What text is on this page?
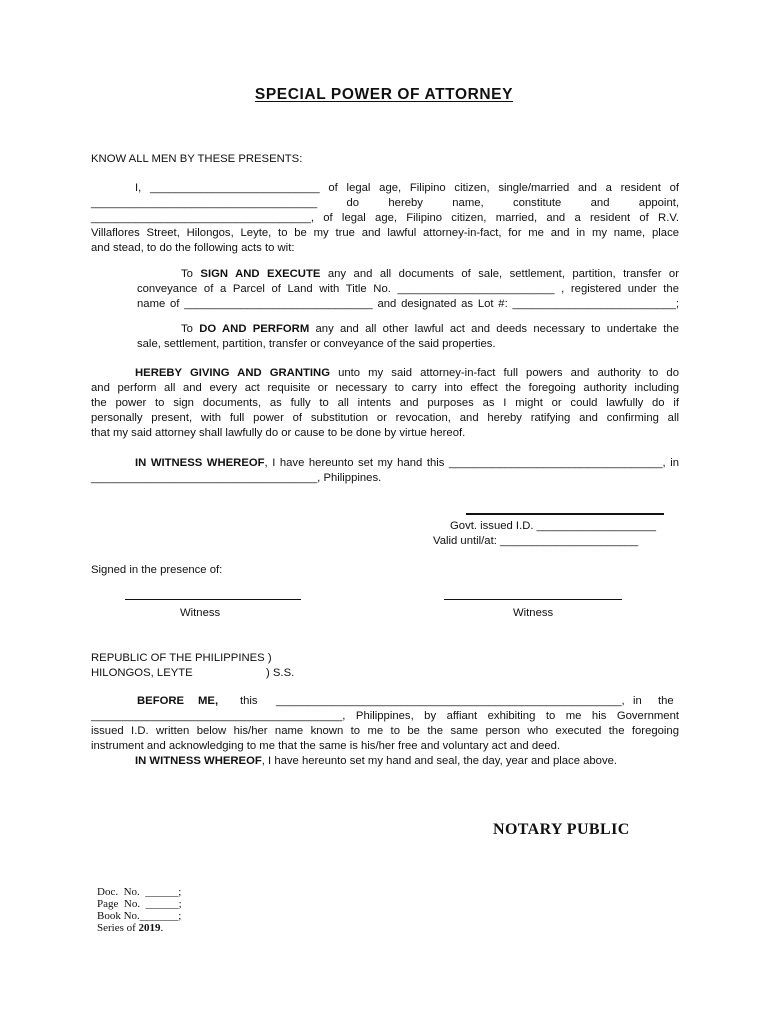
SPECIAL POWER OF ATTORNEY
KNOW ALL MEN BY THESE PRESENTS:
I, ___________________________ of legal age, Filipino citizen, single/married and a resident of
____________________________________	do hereby name, constitute and appoint,
___________________________________, of legal age, Filipino citizen, married, and a resident of R.V.
Villaflores Street, Hilongos, Leyte, to be my true and lawful attorney-in-fact, for me and in my name, place
and stead, to do the following acts to wit:
To SIGN AND EXECUTE any and all documents of sale, settlement, partition, transfer or
conveyance of a Parcel of Land with Title No. _________________________ , registered under the
name of ______________________________ and designated as Lot #: __________________________;
To DO AND PERFORM any and all other lawful act and deeds necessary to undertake the
sale, settlement, partition, transfer or conveyance of the said properties.
HEREBY GIVING AND GRANTING unto my said attorney-in-fact full powers and authority to do
and perform all and every act requisite or necessary to carry into effect the foregoing authority including
the power to sign documents, as fully to all intents and purposes as I might or could lawfully do if
personally present, with full power of substitution or revocation, and hereby ratifying and confirming all
that my said attorney shall lawfully do or cause to be done by virtue hereof.
IN WITNESS WHEREOF, I have hereunto set my hand this __________________________________, in
____________________________________, Philippines.
Govt. issued I.D. ___________________
Valid until/at: ______________________
Signed in the presence of:
Witness	Witness
REPUBLIC OF THE PHILIPPINES )
HILONGOS, LEYTE	) S.S.
BEFORE ME, this _______________________________________________________, in the
________________________________________, Philippines, by affiant exhibiting to me his Government
issued I.D. written below his/her name known to me to be the same person who executed the foregoing
instrument and acknowledging to me that the same is his/her free and voluntary act and deed.
IN WITNESS WHEREOF, I have hereunto set my hand and seal, the day, year and place above.
NOTARY PUBLIC
Doc.  No.  ______;
Page  No.  ______;
Book No._______;
Series of 2019.
